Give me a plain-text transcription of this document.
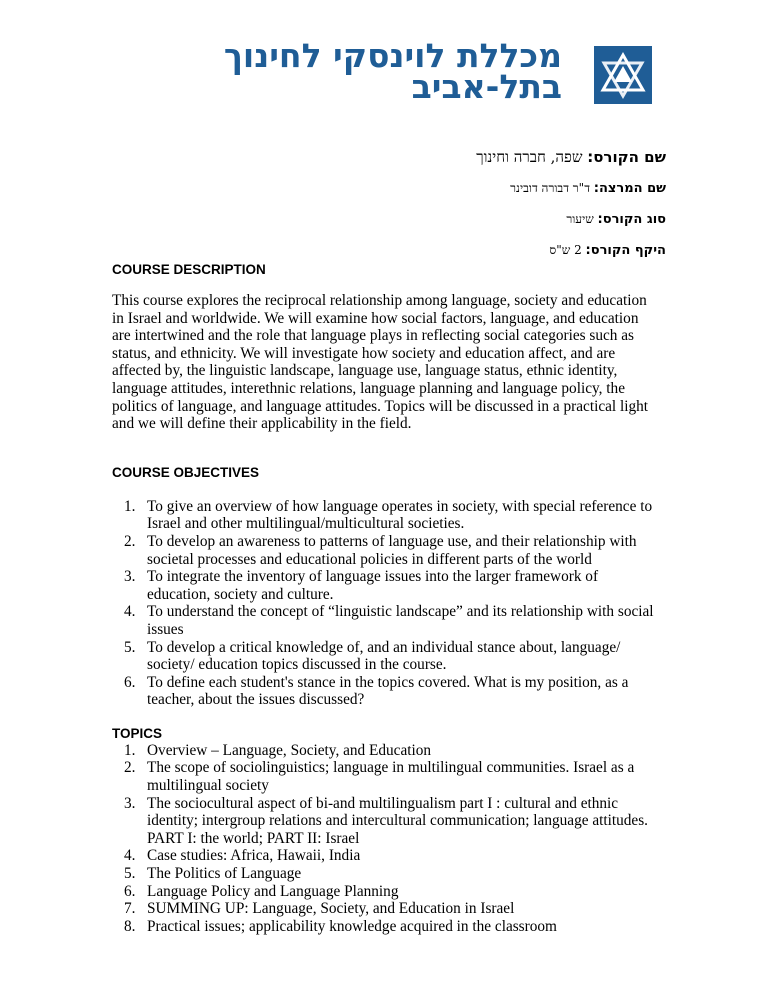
מכללת לוינסקי לחינוך
בתל-אביב
שם הקורס: שפה, חברה וחינוך
שם המרצה: ד"ר דבורה דובינר
סוג הקורס: שיעור
היקף הקורס: 2 ש"ס
COURSE DESCRIPTION

This course explores the reciprocal relationship among language, society and education in Israel and worldwide. We will examine how social factors, language, and education are intertwined and the role that language plays in reflecting social categories such as status, and ethnicity. We will investigate how society and education affect, and are affected by, the linguistic landscape, language use, language status, ethnic identity, language attitudes, interethnic relations, language planning and language policy, the politics of language, and language attitudes. Topics will be discussed in a practical light and we will define their applicability in the field.

COURSE OBJECTIVES
1. To give an overview of how language operates in society, with special reference to Israel and other multilingual/multicultural societies.
2. To develop an awareness to patterns of language use, and their relationship with societal processes and educational policies in different parts of the world
3. To integrate the inventory of language issues into the larger framework of education, society and culture.
4. To understand the concept of “linguistic landscape” and its relationship with social issues
5. To develop a critical knowledge of, and an individual stance about, language/ society/ education topics discussed in the course.
6. To define each student's stance in the topics covered. What is my position, as a teacher, about the issues discussed?
TOPICS
1. Overview – Language, Society, and Education
2. The scope of sociolinguistics; language in multilingual communities. Israel as a multilingual society
3. The sociocultural aspect of bi-and multilingualism part I : cultural and ethnic identity; intergroup relations and intercultural communication; language attitudes. PART I: the world; PART II: Israel
4. Case studies: Africa, Hawaii, India
5. The Politics of Language
6. Language Policy and Language Planning
7. SUMMING UP: Language, Society, and Education in Israel
8. Practical issues; applicability knowledge acquired in the classroom
